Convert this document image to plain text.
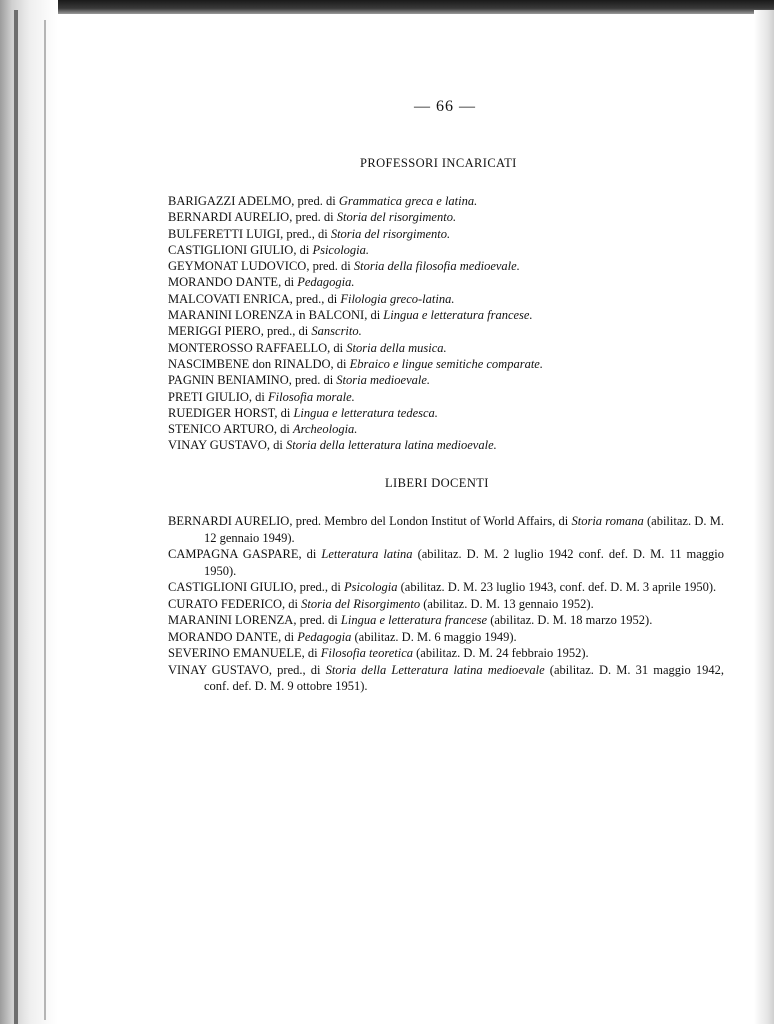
— 66 —
PROFESSORI INCARICATI
BARIGAZZI ADELMO, pred. di Grammatica greca e latina.
BERNARDI AURELIO, pred. di Storia del risorgimento.
BULFERETTI LUIGI, pred., di Storia del risorgimento.
CASTIGLIONI GIULIO, di Psicologia.
GEYMONAT LUDOVICO, pred. di Storia della filosofia medioevale.
MORANDO DANTE, di Pedagogia.
MALCOVATI ENRICA, pred., di Filologia greco-latina.
MARANINI LORENZA in BALCONI, di Lingua e letteratura francese.
MERIGGI PIERO, pred., di Sanscrito.
MONTEROSSO RAFFAELLO, di Storia della musica.
NASCIMBENE don RINALDO, di Ebraico e lingue semitiche comparate.
PAGNIN BENIAMINO, pred. di Storia medioevale.
PRETI GIULIO, di Filosofia morale.
RUEDIGER HORST, di Lingua e letteratura tedesca.
STENICO ARTURO, di Archeologia.
VINAY GUSTAVO, di Storia della letteratura latina medioevale.
LIBERI DOCENTI
BERNARDI AURELIO, pred. Membro del London Institut of World Affairs, di Storia romana (abilitaz. D. M. 12 gennaio 1949).
CAMPAGNA GASPARE, di Letteratura latina (abilitaz. D. M. 2 luglio 1942 conf. def. D. M. 11 maggio 1950).
CASTIGLIONI GIULIO, pred., di Psicologia (abilitaz. D. M. 23 luglio 1943, conf. def. D. M. 3 aprile 1950).
CURATO FEDERICO, di Storia del Risorgimento (abilitaz. D. M. 13 gennaio 1952).
MARANINI LORENZA, pred. di Lingua e letteratura francese (abilitaz. D. M. 18 marzo 1952).
MORANDO DANTE, di Pedagogia (abilitaz. D. M. 6 maggio 1949).
SEVERINO EMANUELE, di Filosofia teoretica (abilitaz. D. M. 24 febbraio 1952).
VINAY GUSTAVO, pred., di Storia della Letteratura latina medioevale (abilitaz. D. M. 31 maggio 1942, conf. def. D. M. 9 ottobre 1951).
